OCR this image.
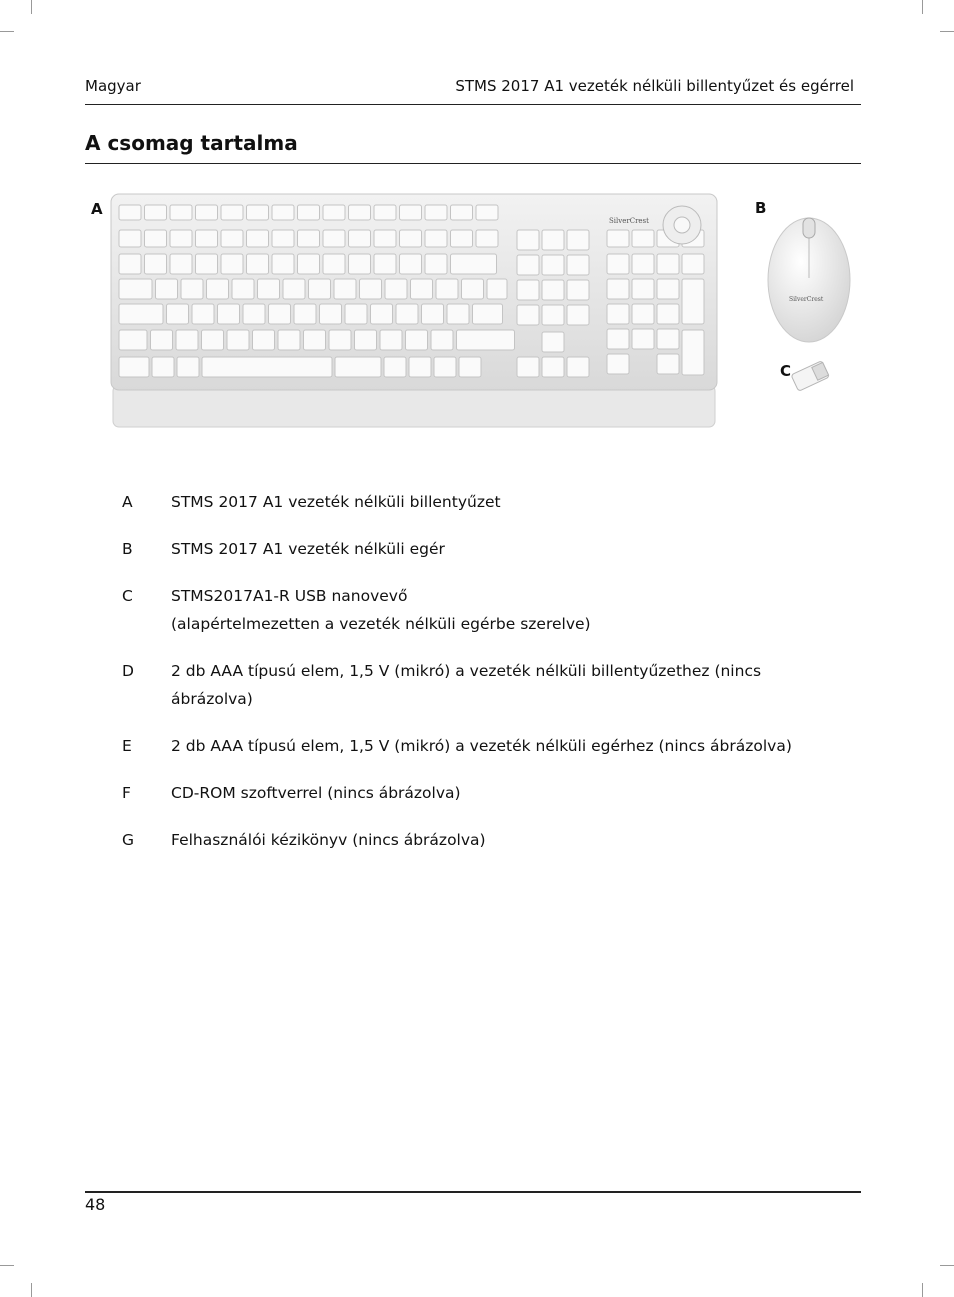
Magyar	STMS 2017 A1 vezeték nélküli billentyűzet és egérrel
A csomag tartalma
A	B
C
SilverCrest
SilverCrest
A	STMS 2017 A1 vezeték nélküli billentyűzet
B	STMS 2017 A1 vezeték nélküli egér
C	STMS2017A1-R USB nanovevő
(alapértelmezetten a vezeték nélküli egérbe szerelve)
D	2 db AAA típusú elem, 1,5 V (mikró) a vezeték nélküli billentyűzethez (nincs ábrázolva)
E	2 db AAA típusú elem, 1,5 V (mikró) a vezeték nélküli egérhez (nincs ábrázolva)
F	CD-ROM szoftverrel (nincs ábrázolva)
G	Felhasználói kézikönyv (nincs ábrázolva)
48
